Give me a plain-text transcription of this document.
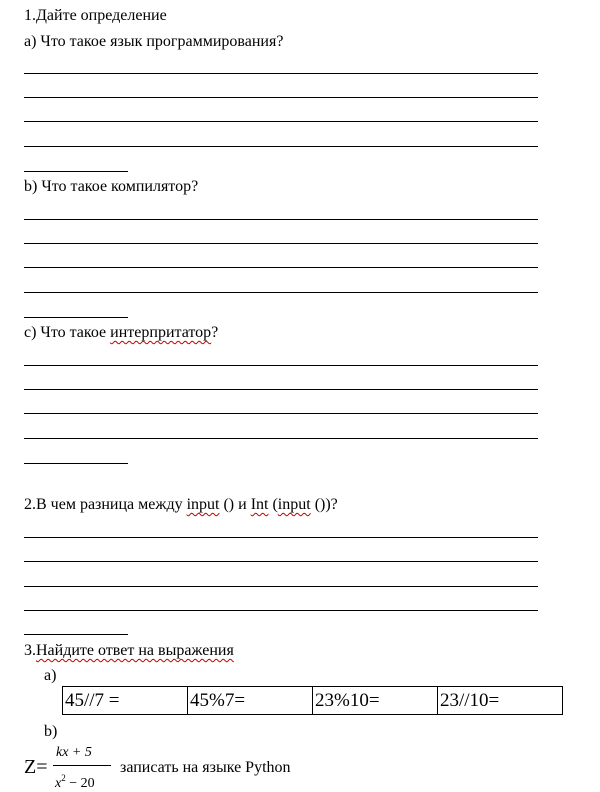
1.Дайте определение
a) Что такое язык программирования?
b) Что такое компилятор?
c) Что такое интерпритатор?
2.В чем разница между input () и Int (input ())?
3.Найдите ответ на выражения
a)
45//7 =	45%7=	23%10=	23//10=
b)
Z=
kx + 5
$x^2 - 20$
записать на языке Python
